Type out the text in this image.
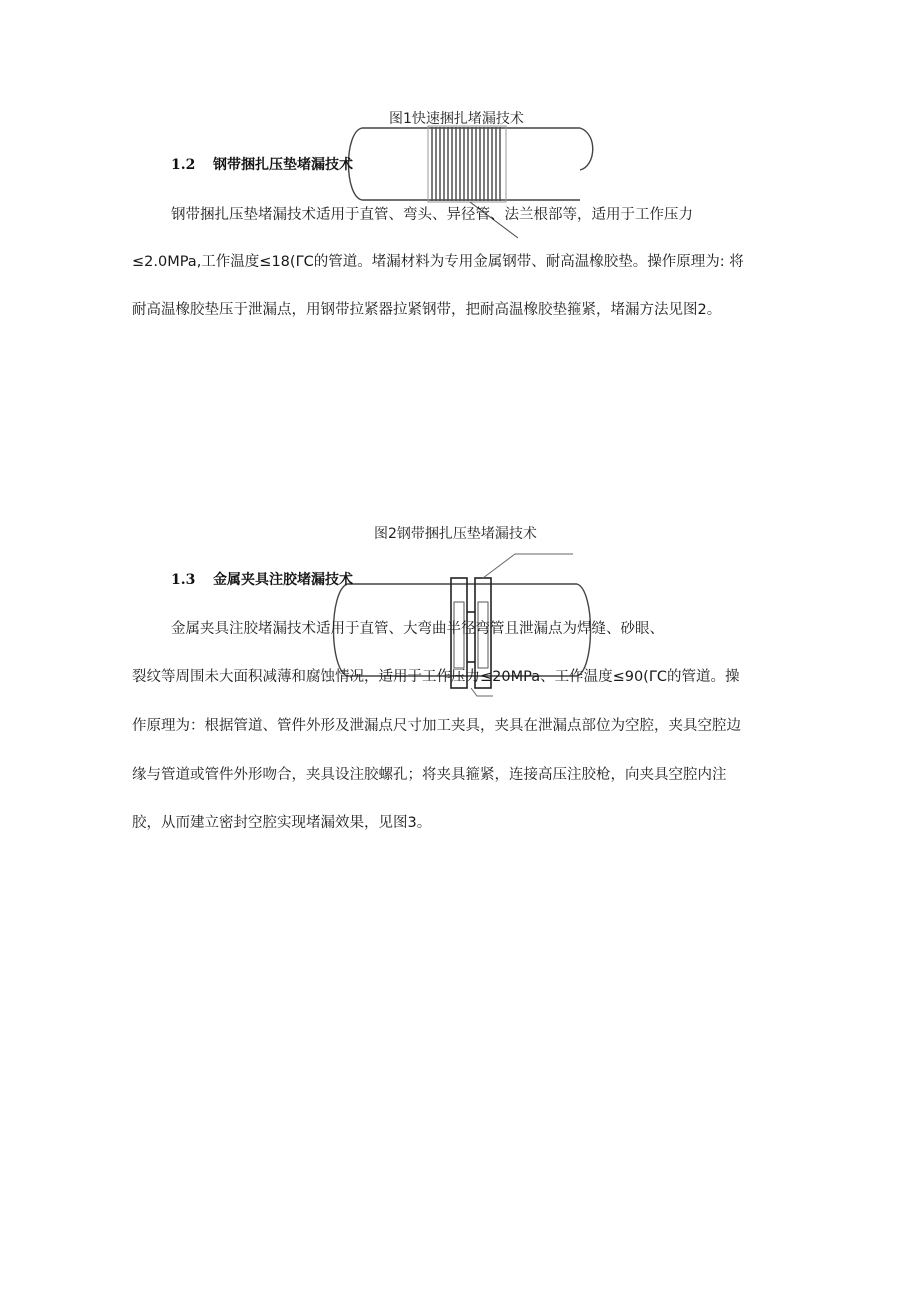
图1快速捆扎堵漏技术
1.2 钢带捆扎压垫堵漏技术
钢带捆扎压垫堵漏技术适用于直管、弯头、异径管、法兰根部等，适用于工作压力
≤2.0MPa,工作温度≤18(ΓC的管道。堵漏材料为专用金属钢带、耐高温橡胶垫。操作原理为: 将
耐高温橡胶垫压于泄漏点，用钢带拉紧器拉紧钢带，把耐高温橡胶垫箍紧，堵漏方法见图2。
图2钢带捆扎压垫堵漏技术
1.3 金属夹具注胶堵漏技术
金属夹具注胶堵漏技术适用于直管、大弯曲半径弯管且泄漏点为焊缝、砂眼、
裂纹等周围未大面积减薄和腐蚀情况，适用于工作压力≤20MPa、工作温度≤90(ΓC的管道。操
作原理为：根据管道、管件外形及泄漏点尺寸加工夹具，夹具在泄漏点部位为空腔，夹具空腔边
缘与管道或管件外形吻合，夹具设注胶螺孔；将夹具箍紧，连接高压注胶枪，向夹具空腔内注
胶，从而建立密封空腔实现堵漏效果，见图3。
